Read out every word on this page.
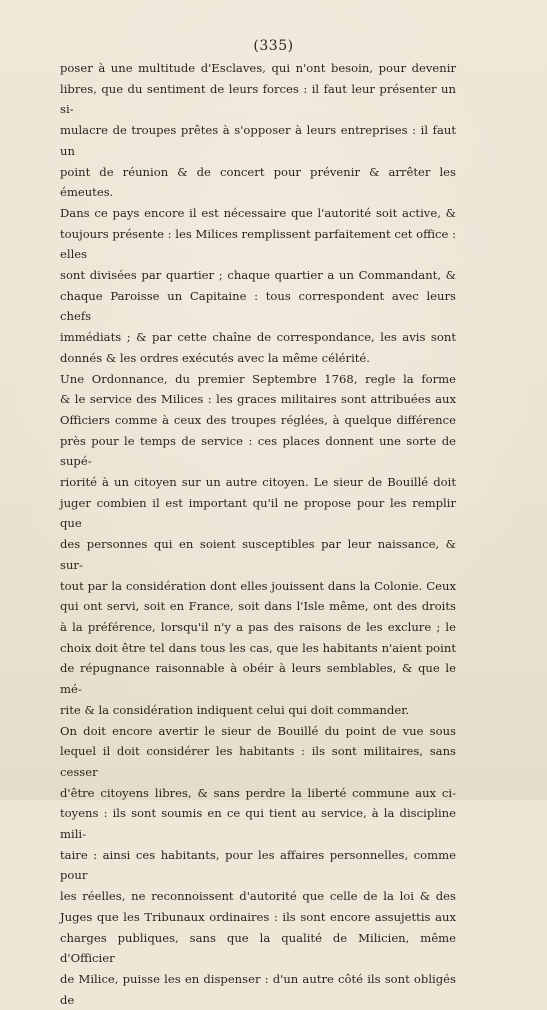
(335)

poser à une multitude d'Esclaves, qui n'ont besoin, pour devenir

libres, que du sentiment de leurs forces : il faut leur présenter un si-

mulacre de troupes prêtes à s'opposer à leurs entreprises : il faut un

point de réunion & de concert pour prévenir & arrêter les émeutes.

Dans ce pays encore il est nécessaire que l'autorité soit active, &

toujours présente : les Milices remplissent parfaitement cet office : elles

sont divisées par quartier ; chaque quartier a un Commandant, &

chaque Paroisse un Capitaine : tous correspondent avec leurs chefs

immédiats ; & par cette chaîne de correspondance, les avis sont

donnés & les ordres exécutés avec la même célérité.

Une Ordonnance, du premier Septembre 1768, regle la forme

& le service des Milices : les graces militaires sont attribuées aux

Officiers comme à ceux des troupes réglées, à quelque différence

près pour le temps de service : ces places donnent une sorte de supé-

riorité à un citoyen sur un autre citoyen. Le sieur de Bouillé doit

juger combien il est important qu'il ne propose pour les remplir que

des personnes qui en soient susceptibles par leur naissance, & sur-

tout par la considération dont elles jouissent dans la Colonie. Ceux

qui ont servi, soit en France, soit dans l'Isle même, ont des droits

à la préférence, lorsqu'il n'y a pas des raisons de les exclure ; le

choix doit être tel dans tous les cas, que les habitants n'aient point

de répugnance raisonnable à obéir à leurs semblables, & que le mé-

rite & la considération indiquent celui qui doit commander.

On doit encore avertir le sieur de Bouillé du point de vue sous

lequel il doit considérer les habitants : ils sont militaires, sans cesser

d'être citoyens libres, & sans perdre la liberté commune aux ci-

toyens : ils sont soumis en ce qui tient au service, à la discipline mili-

taire : ainsi ces habitants, pour les affaires personnelles, comme pour

les réelles, ne reconnoissent d'autorité que celle de la loi & des

Juges que les Tribunaux ordinaires : ils sont encore assujettis aux

charges publiques, sans que la qualité de Milicien, même d'Officier

de Milice, puisse les en dispenser : d'un autre côté ils sont obligés de
